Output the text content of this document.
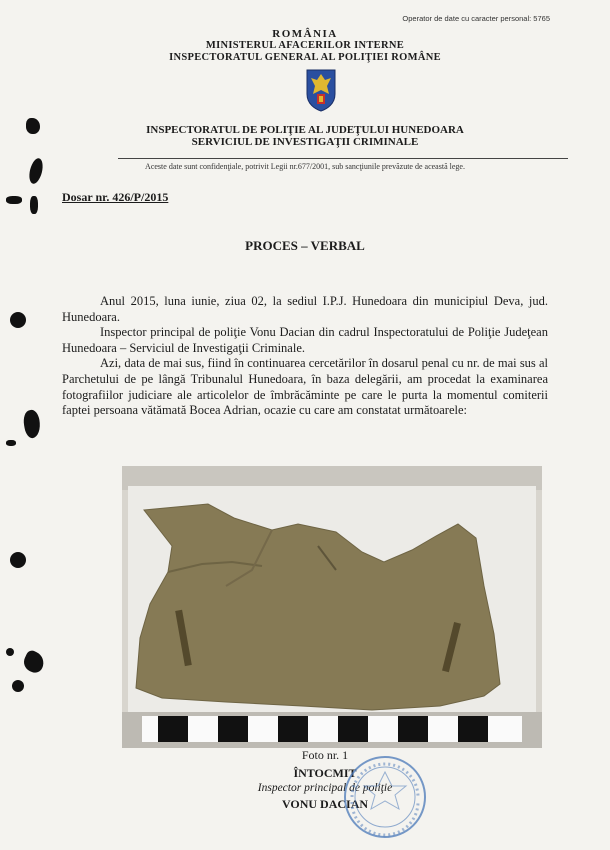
Operator de date cu caracter personal: 5765
ROMÂNIA
MINISTERUL AFACERILOR INTERNE
INSPECTORATUL GENERAL AL POLIŢIEI ROMÂNE
INSPECTORATUL DE POLIŢIE AL JUDEŢULUI HUNEDOARA
SERVICIUL DE INVESTIGAŢII CRIMINALE
Aceste date sunt confidenţiale, potrivit Legii nr.677/2001, sub sancţiunile prevăzute de această lege.
Dosar nr. 426/P/2015
PROCES – VERBAL

Anul 2015, luna iunie, ziua 02, la sediul I.P.J. Hunedoara din municipiul Deva, jud. Hunedoara.

Inspector principal de poliţie Vonu Dacian din cadrul Inspectoratului de Poliţie Judeţean Hunedoara – Serviciul de Investigaţii Criminale.

Azi, data de mai sus, fiind în continuarea cercetărilor în dosarul penal cu nr. de mai sus al Parchetului de pe lângă Tribunalul Hunedoara, în baza delegării, am procedat la examinarea fotografiilor judiciare ale articolelor de îmbrăcăminte pe care le purta la momentul comiterii faptei persoana vătămată Bocea Adrian, ocazie cu care am constatat următoarele:

Foto nr. 1
ÎNTOCMIT
Inspector principal de poliţie
VONU DACIAN
